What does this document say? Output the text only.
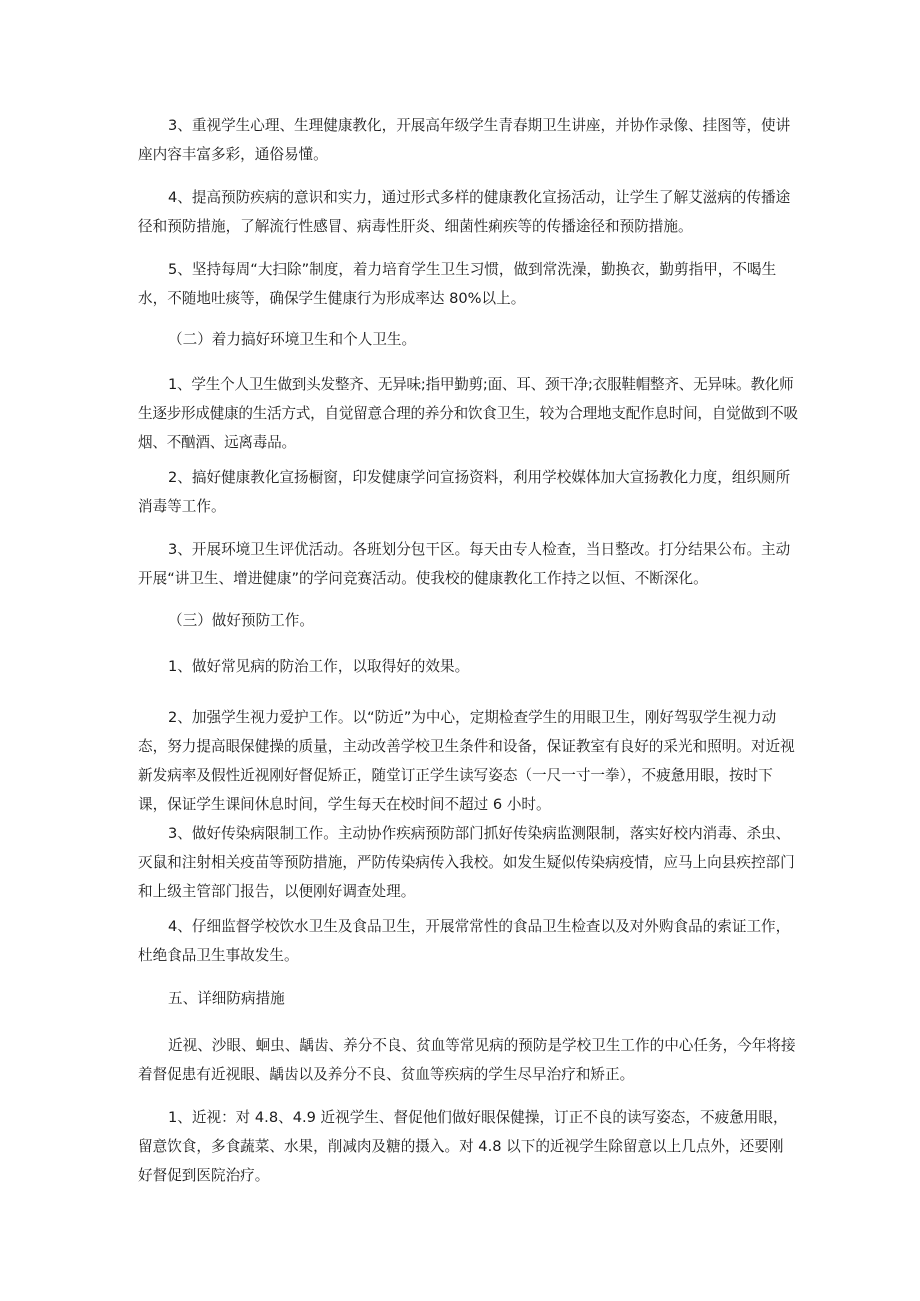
3、重视学生心理、生理健康教化，开展高年级学生青春期卫生讲座，并协作录像、挂图等，使讲座内容丰富多彩，通俗易懂。

4、提高预防疾病的意识和实力，通过形式多样的健康教化宣扬活动，让学生了解艾滋病的传播途径和预防措施，了解流行性感冒、病毒性肝炎、细菌性痢疾等的传播途径和预防措施。

5、坚持每周“大扫除”制度，着力培育学生卫生习惯，做到常洗澡，勤换衣，勤剪指甲，不喝生水，不随地吐痰等，确保学生健康行为形成率达 80%以上。

（二）着力搞好环境卫生和个人卫生。

1、学生个人卫生做到头发整齐、无异味;指甲勤剪;面、耳、颈干净;衣服鞋帽整齐、无异味。教化师生逐步形成健康的生活方式，自觉留意合理的养分和饮食卫生，较为合理地支配作息时间，自觉做到不吸烟、不酗酒、远离毒品。

2、搞好健康教化宣扬橱窗，印发健康学问宣扬资料，利用学校媒体加大宣扬教化力度，组织厕所消毒等工作。

3、开展环境卫生评优活动。各班划分包干区。每天由专人检查，当日整改。打分结果公布。主动开展“讲卫生、增进健康”的学问竞赛活动。使我校的健康教化工作持之以恒、不断深化。

（三）做好预防工作。

1、做好常见病的防治工作，以取得好的效果。

2、加强学生视力爱护工作。以“防近”为中心，定期检查学生的用眼卫生，刚好驾驭学生视力动态，努力提高眼保健操的质量，主动改善学校卫生条件和设备，保证教室有良好的采光和照明。对近视新发病率及假性近视刚好督促矫正，随堂订正学生读写姿态（一尺一寸一拳），不疲惫用眼，按时下课，保证学生课间休息时间，学生每天在校时间不超过 6 小时。

3、做好传染病限制工作。主动协作疾病预防部门抓好传染病监测限制，落实好校内消毒、杀虫、灭鼠和注射相关疫苗等预防措施，严防传染病传入我校。如发生疑似传染病疫情，应马上向县疾控部门和上级主管部门报告，以便刚好调查处理。

4、仔细监督学校饮水卫生及食品卫生，开展常常性的食品卫生检查以及对外购食品的索证工作，杜绝食品卫生事故发生。

五、详细防病措施

近视、沙眼、蛔虫、龋齿、养分不良、贫血等常见病的预防是学校卫生工作的中心任务，今年将接着督促患有近视眼、龋齿以及养分不良、贫血等疾病的学生尽早治疗和矫正。

1、近视：对 4.8、4.9 近视学生、督促他们做好眼保健操，订正不良的读写姿态，不疲惫用眼，留意饮食，多食蔬菜、水果，削减肉及糖的摄入。对 4.8 以下的近视学生除留意以上几点外，还要刚好督促到医院治疗。
